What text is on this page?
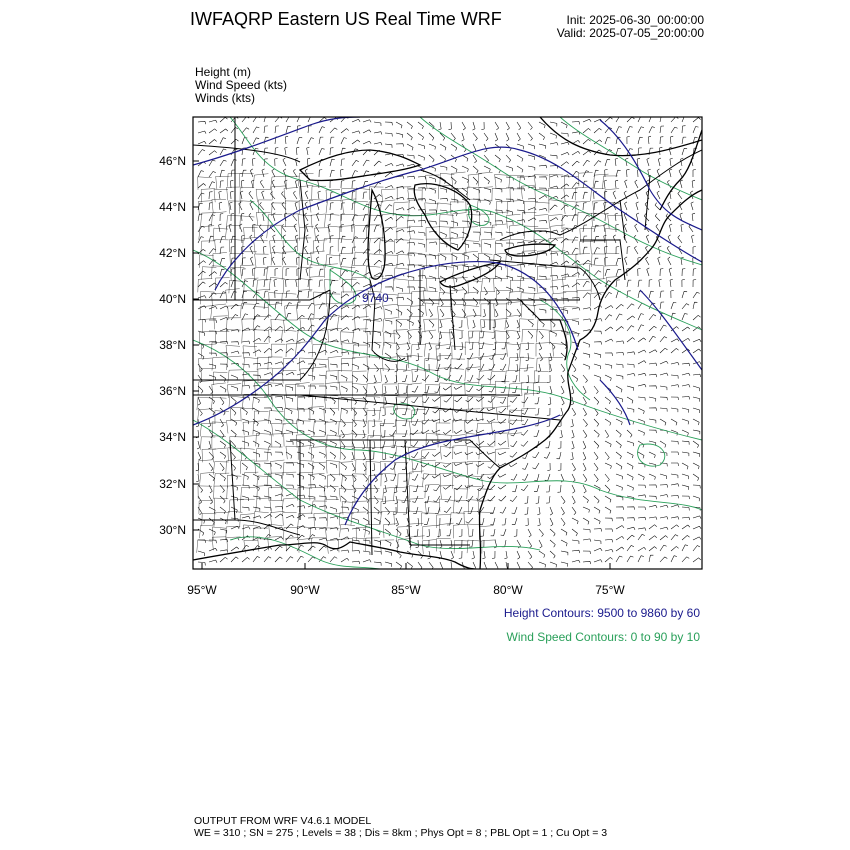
IWFAQRP Eastern US Real Time WRF	Init: 2025-06-30_00:00:00
Valid: 2025-07-05_20:00:00
Height (m)
Wind Speed (kts)
Winds (kts)
9740
46°N
44°N
42°N
40°N
38°N
36°N
34°N
32°N
30°N
95°W	90°W	85°W	80°W	75°W
Height Contours: 9500 to 9860 by 60
Wind Speed Contours: 0 to 90 by 10
OUTPUT FROM WRF V4.6.1 MODEL
WE = 310 ; SN = 275 ; Levels = 38 ; Dis = 8km ; Phys Opt = 8 ; PBL Opt = 1 ; Cu Opt = 3
